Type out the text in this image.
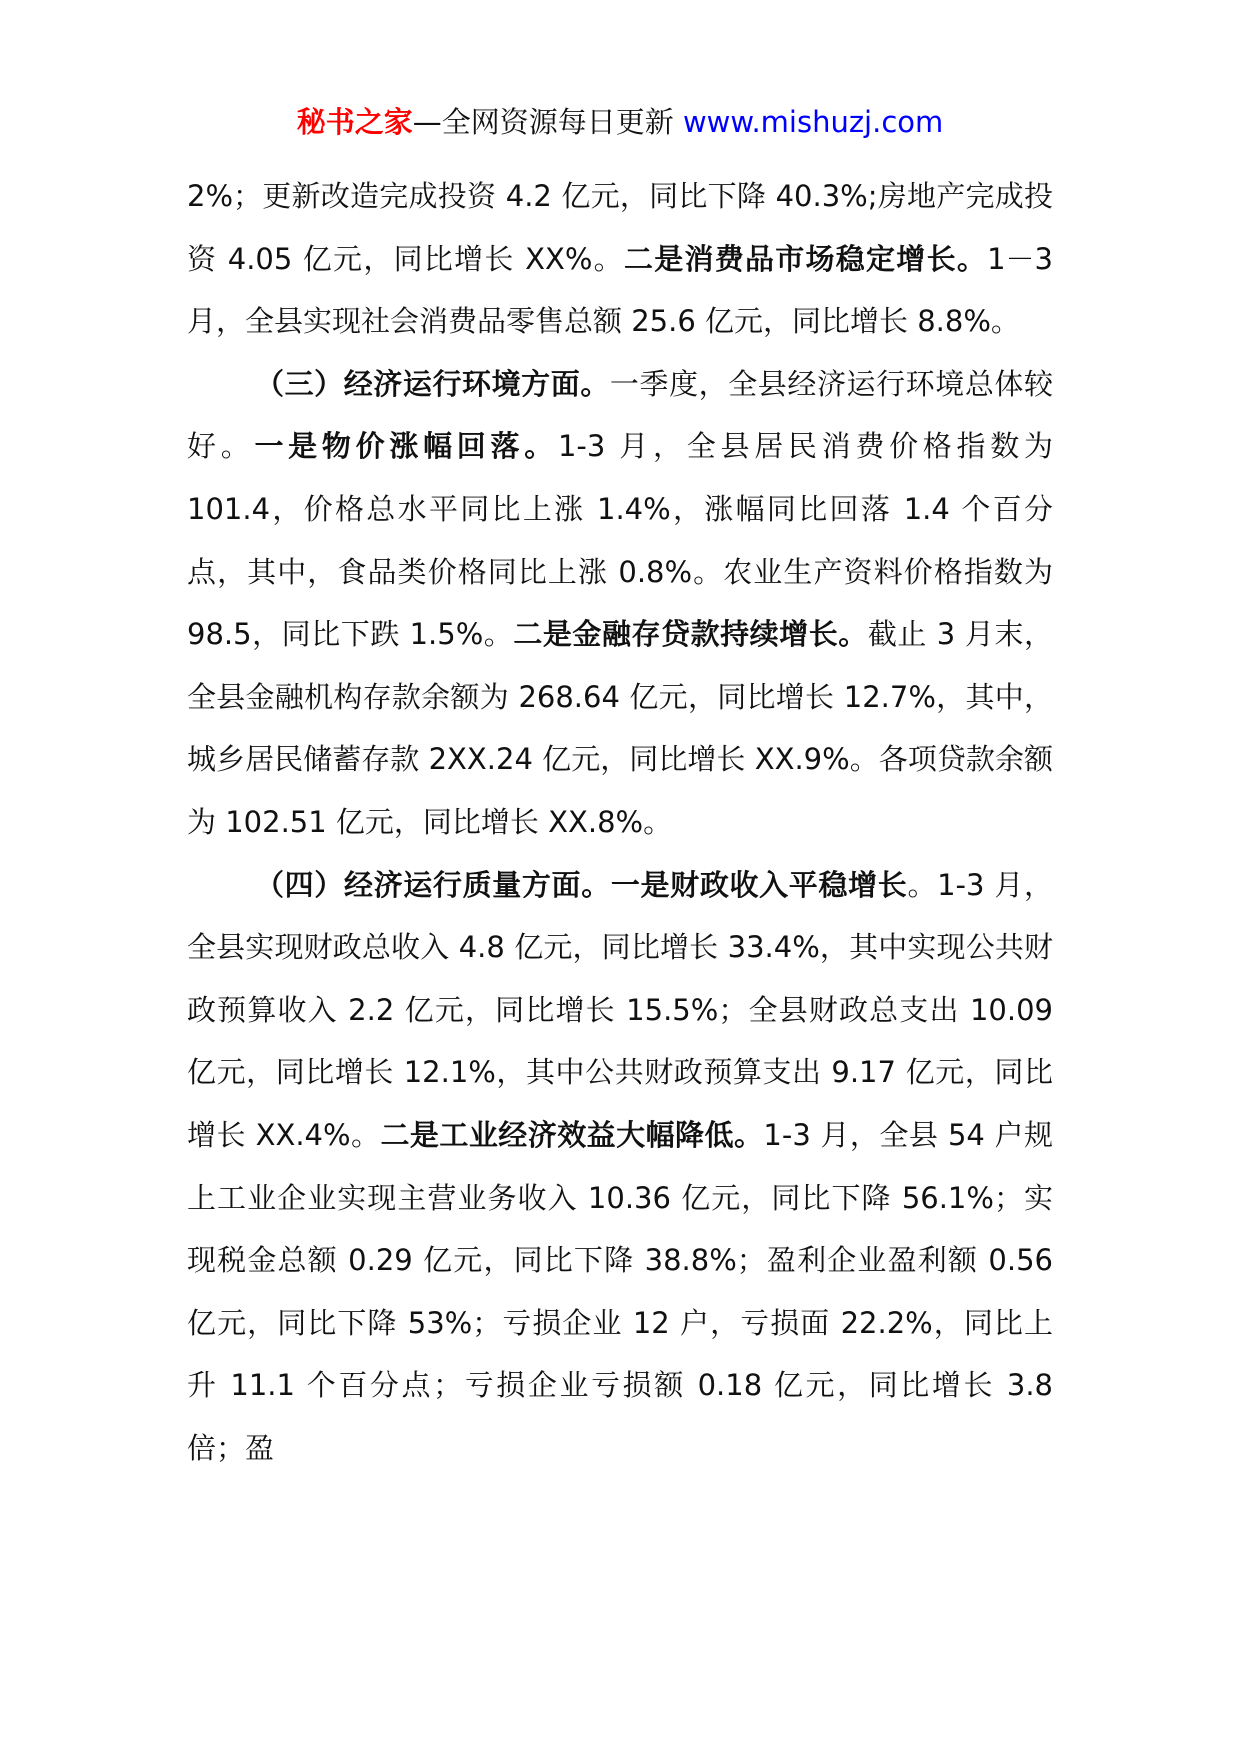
秘书之家—全网资源每日更新 www.mishuzj.com

2%；更新改造完成投资 4.2 亿元，同比下降 40.3%;房地产完成投资 4.05 亿元，同比增长 XX%。二是消费品市场稳定增长。1－3 月，全县实现社会消费品零售总额 25.6 亿元，同比增长 8.8%。

（三）经济运行环境方面。一季度，全县经济运行环境总体较好。一是物价涨幅回落。1-3 月，全县居民消费价格指数为 101.4，价格总水平同比上涨 1.4%，涨幅同比回落 1.4 个百分点，其中，食品类价格同比上涨 0.8%。农业生产资料价格指数为 98.5，同比下跌 1.5%。二是金融存贷款持续增长。截止 3 月末，全县金融机构存款余额为 268.64 亿元，同比增长 12.7%，其中，城乡居民储蓄存款 2XX.24 亿元，同比增长 XX.9%。各项贷款余额为 102.51 亿元，同比增长 XX.8%。

（四）经济运行质量方面。一是财政收入平稳增长。1-3 月，全县实现财政总收入 4.8 亿元，同比增长 33.4%，其中实现公共财政预算收入 2.2 亿元，同比增长 15.5%；全县财政总支出 10.09 亿元，同比增长 12.1%，其中公共财政预算支出 9.17 亿元，同比增长 XX.4%。二是工业经济效益大幅降低。1-3 月，全县 54 户规上工业企业实现主营业务收入 10.36 亿元，同比下降 56.1%；实现税金总额 0.29 亿元，同比下降 38.8%；盈利企业盈利额 0.56 亿元，同比下降 53%；亏损企业 12 户，亏损面 22.2%，同比上升 11.1 个百分点；亏损企业亏损额 0.18 亿元，同比增长 3.8 倍；盈
